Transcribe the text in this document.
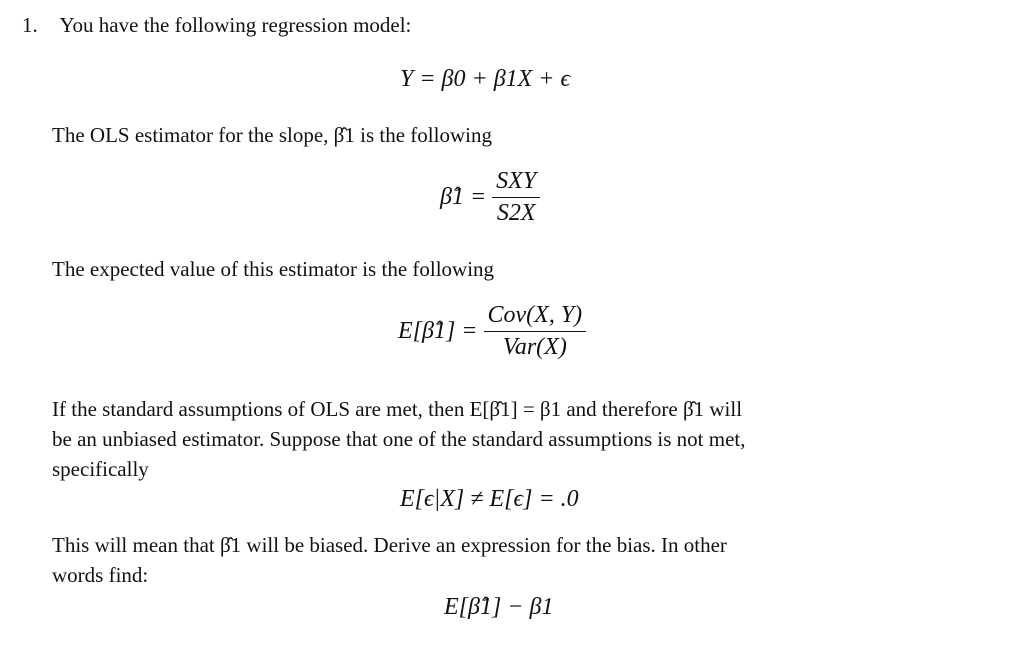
1. You have the following regression model:
Y = β0 + β1X + ϵ
The OLS estimator for the slope, β̂1 is the following
β̂1 = $\frac{\text{SXY}}{S2X}$
The expected value of this estimator is the following
E[β̂1] = $\frac{\text{Cov(X, Y)}}{\text{Var(X)}}$
If the standard assumptions of OLS are met, then E[β̂1] = β1 and therefore β̂1 will
be an unbiased estimator. Suppose that one of the standard assumptions is not met,
specifically
E[ϵ|X] ≠ E[ϵ] = .0
This will mean that β̂1 will be biased. Derive an expression for the bias. In other
words find:
E[β̂1] − β1
